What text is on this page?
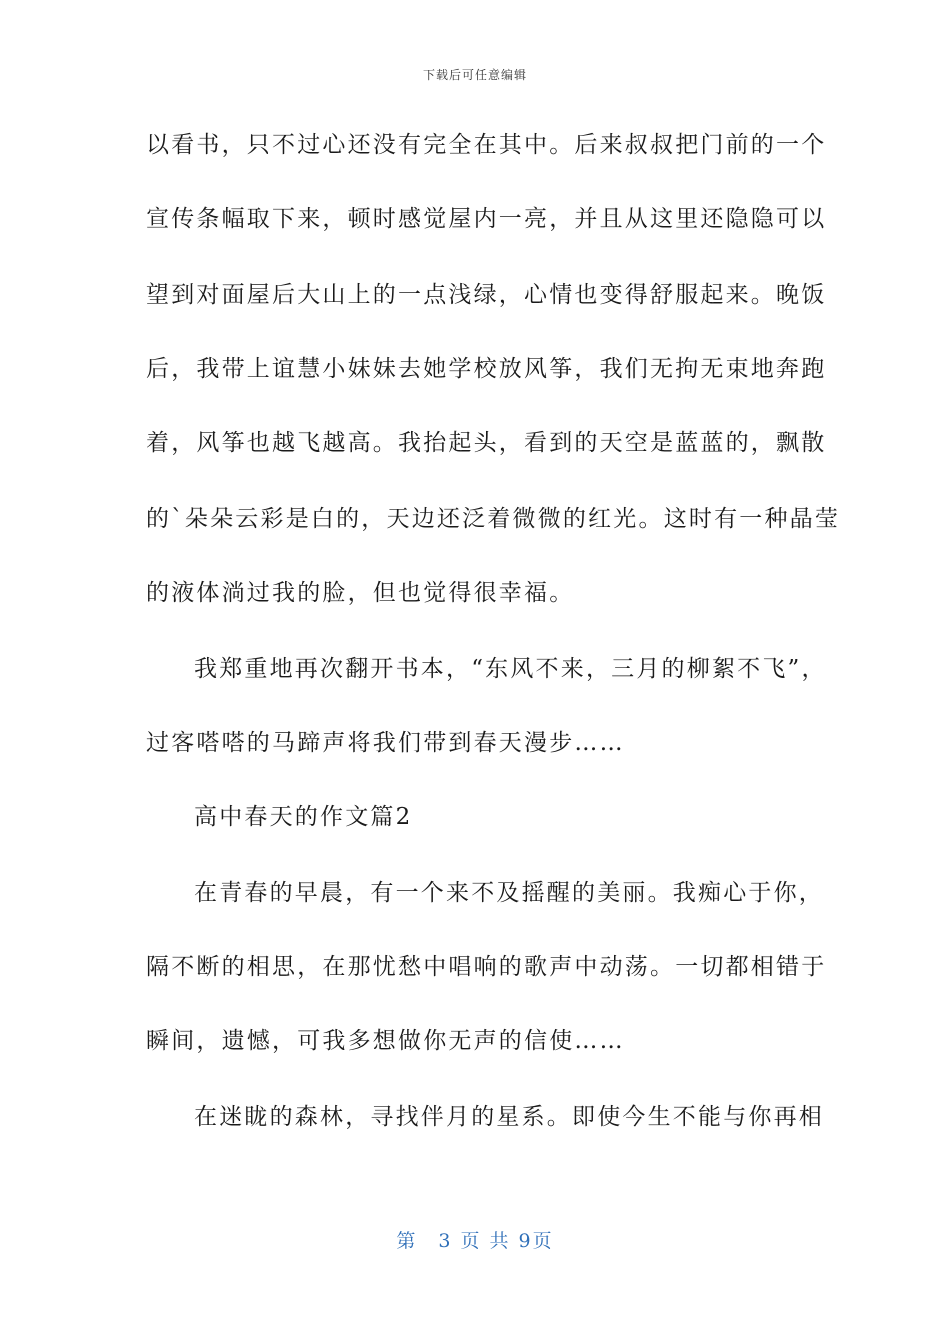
下载后可任意编辑
以看书，只不过心还没有完全在其中。后来叔叔把门前的一个
宣传条幅取下来，顿时感觉屋内一亮，并且从这里还隐隐可以
望到对面屋后大山上的一点浅绿，心情也变得舒服起来。晚饭
后，我带上谊慧小妹妹去她学校放风筝，我们无拘无束地奔跑
着，风筝也越飞越高。我抬起头，看到的天空是蓝蓝的，飘散
的`朵朵云彩是白的，天边还泛着微微的红光。这时有一种晶莹
的液体淌过我的脸，但也觉得很幸福。
我郑重地再次翻开书本，“东风不来，三月的柳絮不飞”，
过客嗒嗒的马蹄声将我们带到春天漫步……
高中春天的作文篇2
在青春的早晨，有一个来不及摇醒的美丽。我痴心于你，
隔不断的相思，在那忧愁中唱响的歌声中动荡。一切都相错于
瞬间，遗憾，可我多想做你无声的信使……
在迷眬的森林，寻找伴月的星系。即使今生不能与你再相
第　3 页 共 9页
